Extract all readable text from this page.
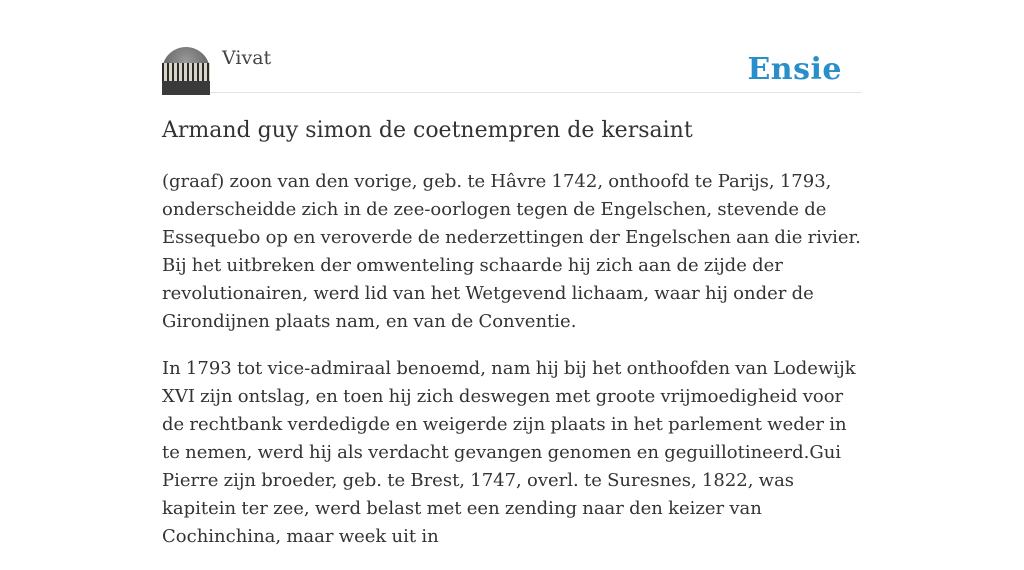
Vivat	Ensie
Armand guy simon de coetnempren de kersaint

(graaf) zoon van den vorige, geb. te Hâvre 1742, onthoofd te Parijs, 1793, onderscheidde zich in de zee-oorlogen tegen de Engelschen, stevende de Essequebo op en veroverde de nederzettingen der Engelschen aan die rivier. Bij het uitbreken der omwenteling schaarde hij zich aan de zijde der revolutionairen, werd lid van het Wetgevend lichaam, waar hij onder de Girondijnen plaats nam, en van de Conventie.

In 1793 tot vice-admiraal benoemd, nam hij bij het onthoofden van Lodewijk XVI zijn ontslag, en toen hij zich deswegen met groote vrijmoedigheid voor de rechtbank verdedigde en weigerde zijn plaats in het parlement weder in te nemen, werd hij als verdacht gevangen genomen en geguillotineerd.Gui Pierre zijn broeder, geb. te Brest, 1747, overl. te Suresnes, 1822, was kapitein ter zee, werd belast met een zending naar den keizer van Cochinchina, maar week uit in
